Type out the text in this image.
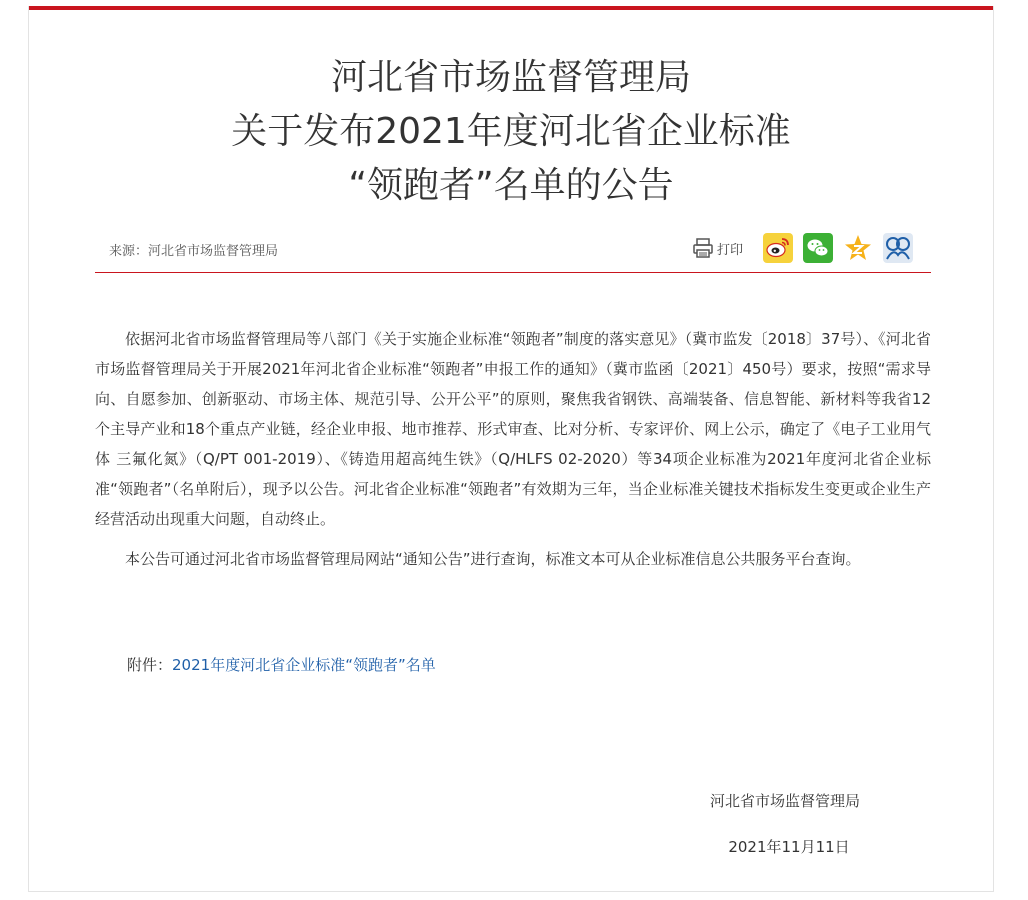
河北省市场监督管理局
关于发布2021年度河北省企业标准
“领跑者”名单的公告
来源：河北省市场监督管理局	打印

依据河北省市场监督管理局等八部门《关于实施企业标准“领跑者”制度的落实意见》（冀市监发〔2018〕37号）、《河北省市场监督管理局关于开展2021年河北省企业标准“领跑者”申报工作的通知》（冀市监函〔2021〕450号）要求，按照“需求导向、自愿参加、创新驱动、市场主体、规范引导、公开公平”的原则，聚焦我省钢铁、高端装备、信息智能、新材料等我省12个主导产业和18个重点产业链，经企业申报、地市推荐、形式审查、比对分析、专家评价、网上公示，确定了《电子工业用气体 三氟化氮》（Q/PT 001-2019）、《铸造用超高纯生铁》（Q/HLFS 02-2020）等34项企业标准为2021年度河北省企业标准“领跑者”（名单附后），现予以公告。河北省企业标准“领跑者”有效期为三年，当企业标准关键技术指标发生变更或企业生产经营活动出现重大问题，自动终止。

本公告可通过河北省市场监督管理局网站“通知公告”进行查询，标准文本可从企业标准信息公共服务平台查询。

附件：2021年度河北省企业标准“领跑者”名单
河北省市场监督管理局
2021年11月11日
